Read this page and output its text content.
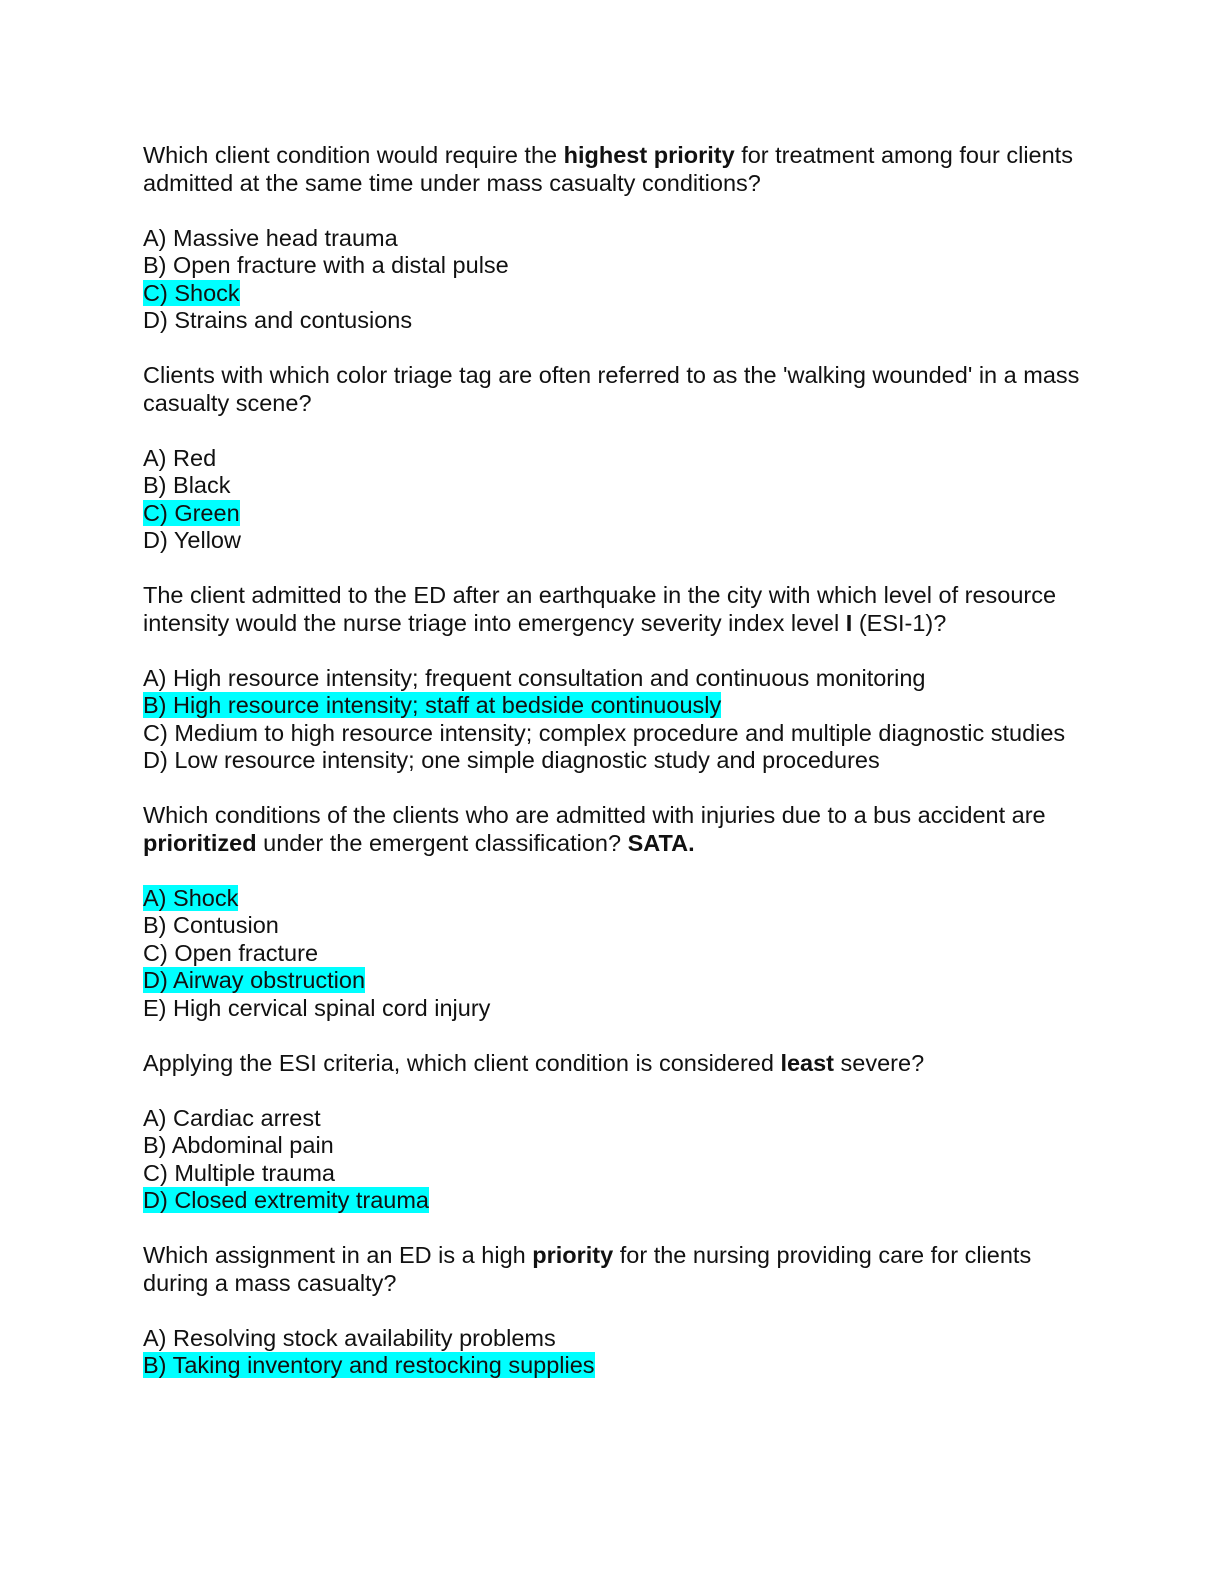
Which client condition would require the highest priority for treatment among four clients admitted at the same time under mass casualty conditions?

A) Massive head trauma
B) Open fracture with a distal pulse
C) Shock
D) Strains and contusions

Clients with which color triage tag are often referred to as the 'walking wounded' in a mass casualty scene?

A) Red
B) Black
C) Green
D) Yellow

The client admitted to the ED after an earthquake in the city with which level of resource intensity would the nurse triage into emergency severity index level I (ESI-1)?

A) High resource intensity; frequent consultation and continuous monitoring
B) High resource intensity; staff at bedside continuously
C) Medium to high resource intensity; complex procedure and multiple diagnostic studies
D) Low resource intensity; one simple diagnostic study and procedures

Which conditions of the clients who are admitted with injuries due to a bus accident are prioritized under the emergent classification? SATA.

A) Shock
B) Contusion
C) Open fracture
D) Airway obstruction
E) High cervical spinal cord injury

Applying the ESI criteria, which client condition is considered least severe?

A) Cardiac arrest
B) Abdominal pain
C) Multiple trauma
D) Closed extremity trauma

Which assignment in an ED is a high priority for the nursing providing care for clients during a mass casualty?

A) Resolving stock availability problems
B) Taking inventory and restocking supplies
